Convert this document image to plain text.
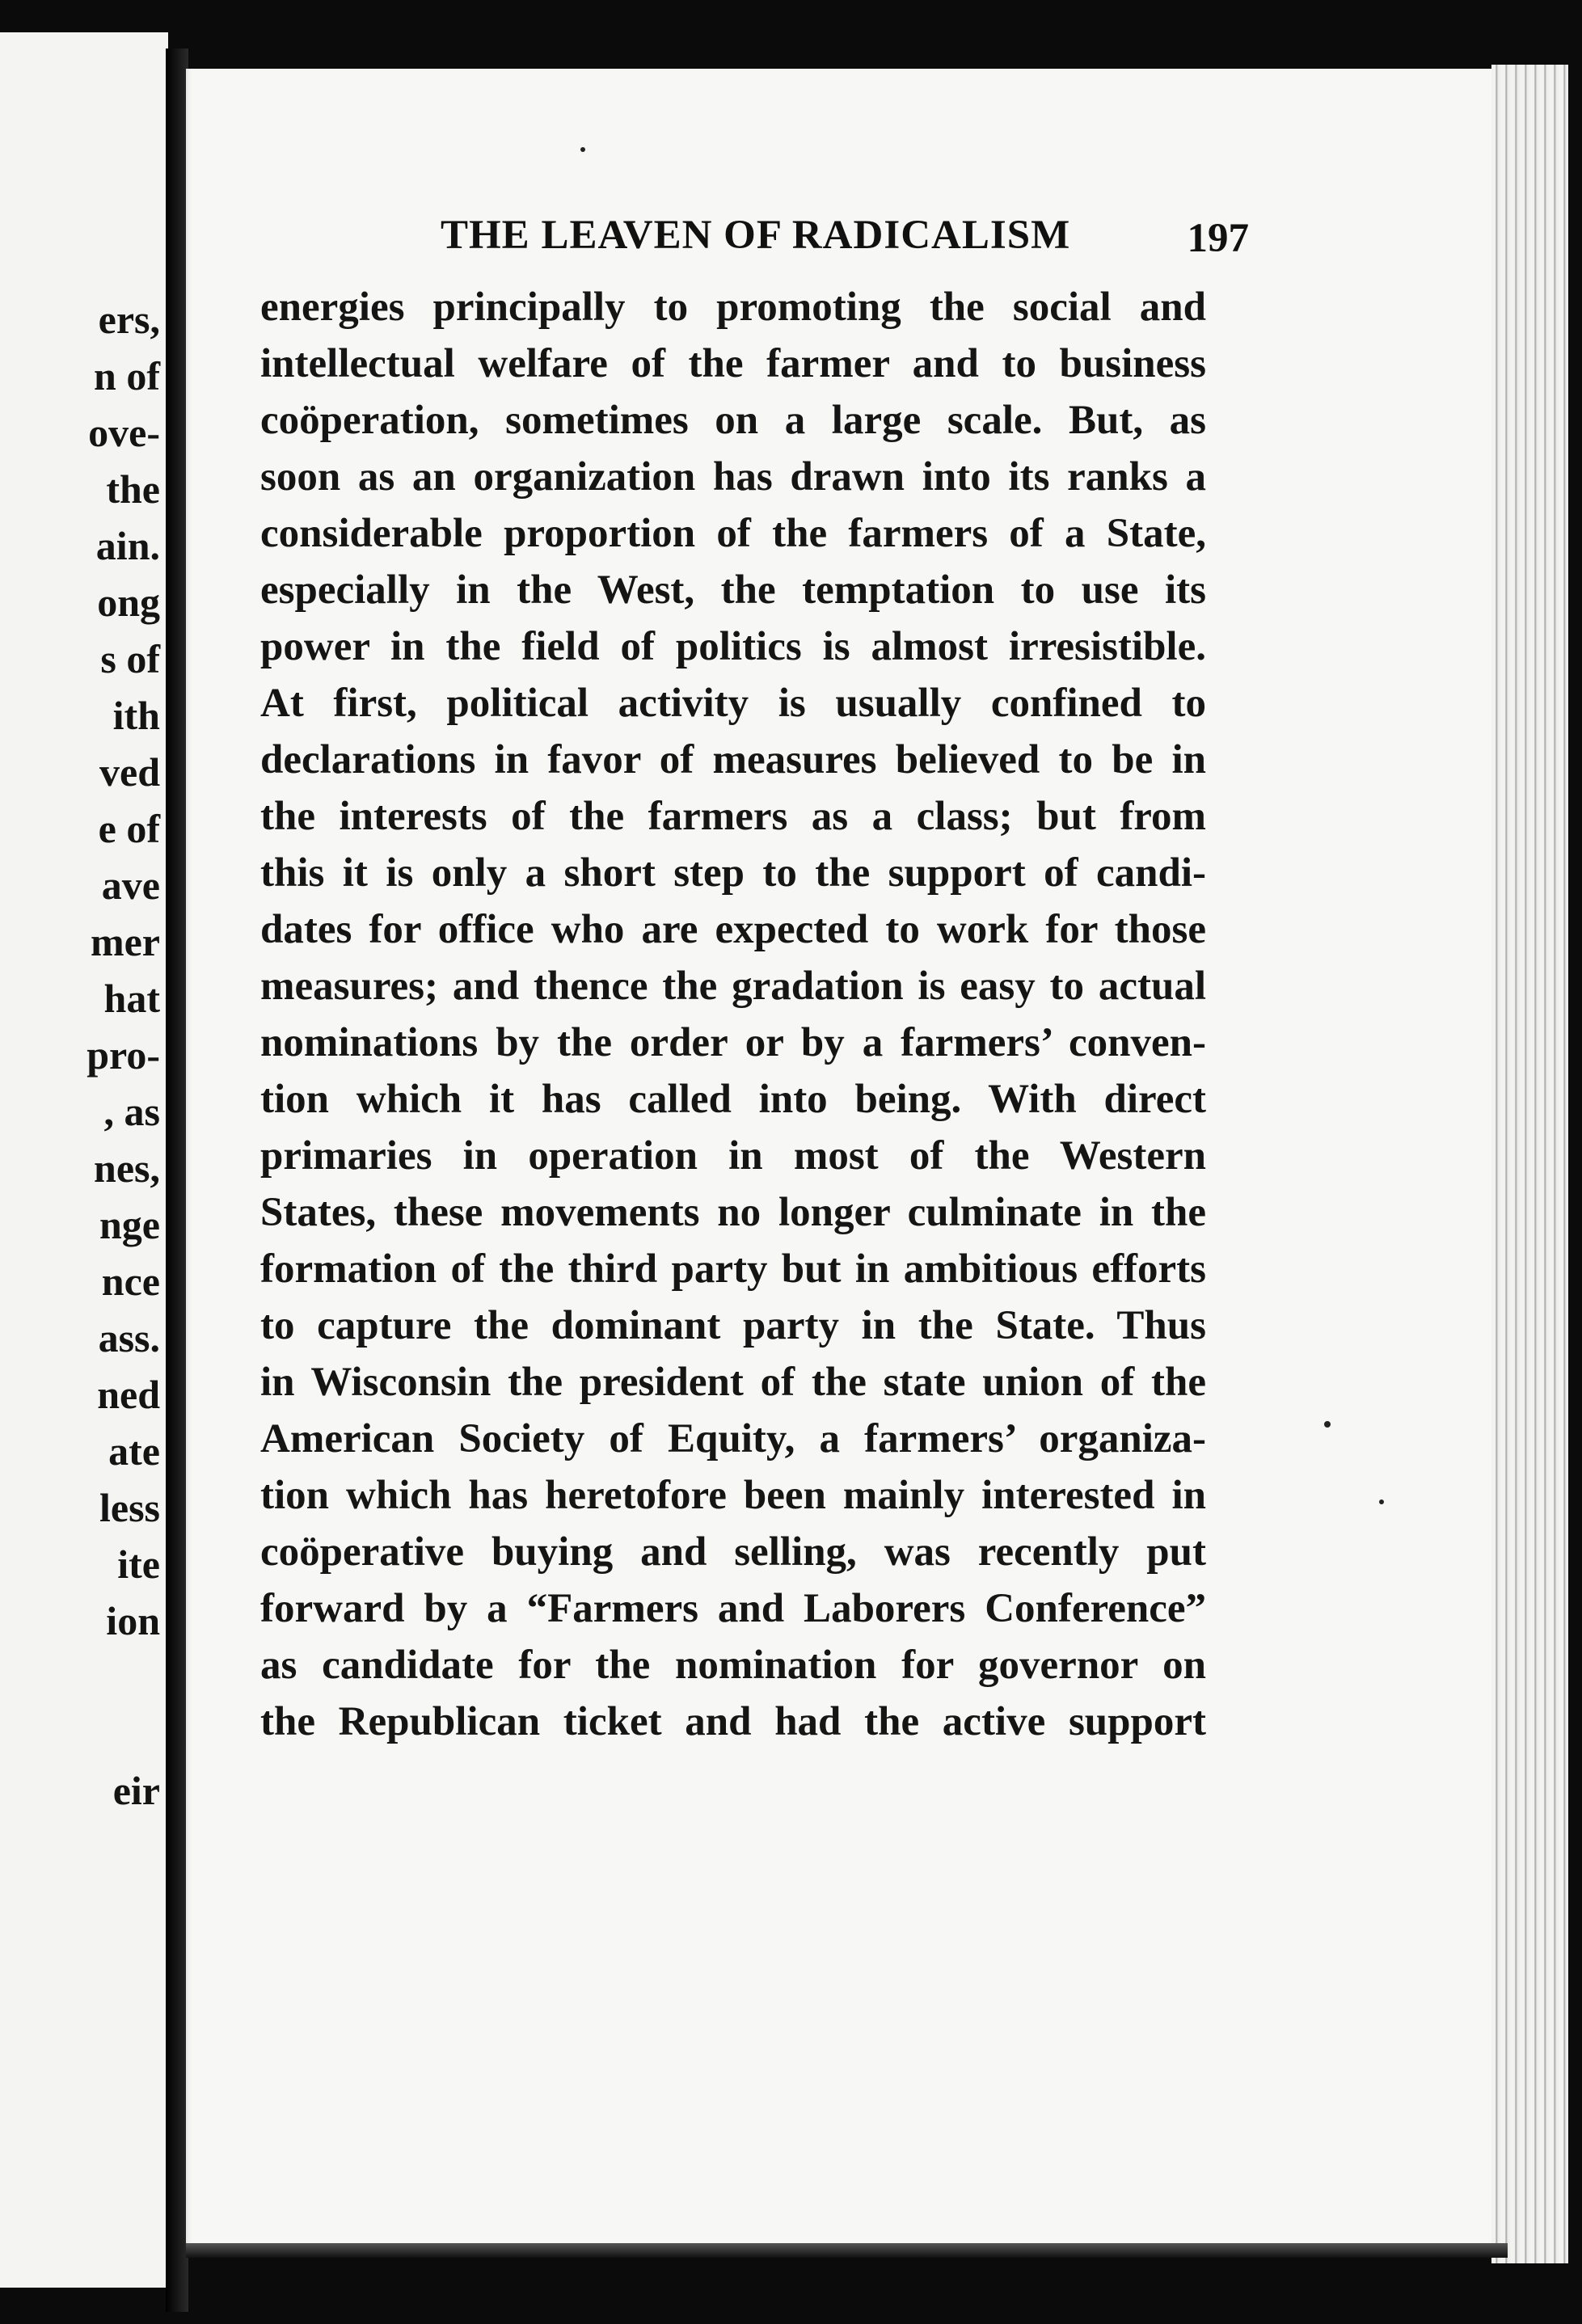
ers,
n of
ove-
the
ain.
ong
s of
ith
ved
e of
ave
mer
hat
pro-
, as
nes,
nge
nce
ass.
ned
ate
less
ite
ion
eir
THE LEAVEN OF RADICALISM	197
energies principally to promoting the social and
intellectual welfare of the farmer and to business
coöperation, sometimes on a large scale. But, as
soon as an organization has drawn into its ranks a
considerable proportion of the farmers of a State,
especially in the West, the temptation to use its
power in the field of politics is almost irresistible.
At first, political activity is usually confined to
declarations in favor of measures believed to be in
the interests of the farmers as a class; but from
this it is only a short step to the support of candi-
dates for office who are expected to work for those
measures; and thence the gradation is easy to actual
nominations by the order or by a farmers’ conven-
tion which it has called into being. With direct
primaries in operation in most of the Western
States, these movements no longer culminate in the
formation of the third party but in ambitious efforts
to capture the dominant party in the State. Thus
in Wisconsin the president of the state union of the
American Society of Equity, a farmers’ organiza-
tion which has heretofore been mainly interested in
coöperative buying and selling, was recently put
forward by a “Farmers and Laborers Conference”
as candidate for the nomination for governor on
the Republican ticket and had the active support
